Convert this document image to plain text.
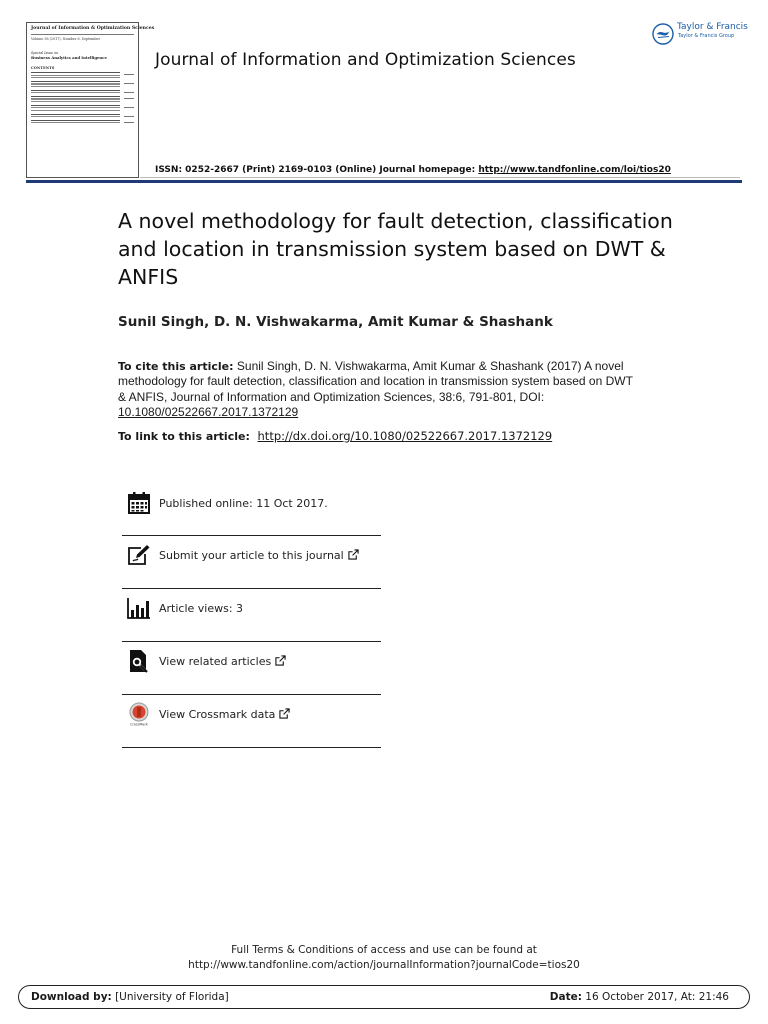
Journal of Information & Optimization Sciences
Volume 38 (2017), Number 6, September
Special Issue on
Business Analytics and Intelligence
CONTENTS	Journal of Information and Optimization Sciences
Taylor & Francis
Taylor & Francis Group
ISSN: 0252-2667 (Print) 2169-0103 (Online) Journal homepage: http://www.tandfonline.com/loi/tios20
A novel methodology for fault detection, classification and location in transmission system based on DWT & ANFIS
Sunil Singh, D. N. Vishwakarma, Amit Kumar & Shashank
To cite this article: Sunil Singh, D. N. Vishwakarma, Amit Kumar & Shashank (2017) A novel methodology for fault detection, classification and location in transmission system based on DWT & ANFIS, Journal of Information and Optimization Sciences, 38:6, 791-801, DOI: 10.1080/02522667.2017.1372129
To link to this article: http://dx.doi.org/10.1080/02522667.2017.1372129
Published online: 11 Oct 2017.
Submit your article to this journal
Article views: 3
View related articles
CrossMark
View Crossmark data
Full Terms & Conditions of access and use can be found at
http://www.tandfonline.com/action/journalInformation?journalCode=tios20
Download by: [University of Florida]	Date: 16 October 2017, At: 21:46
